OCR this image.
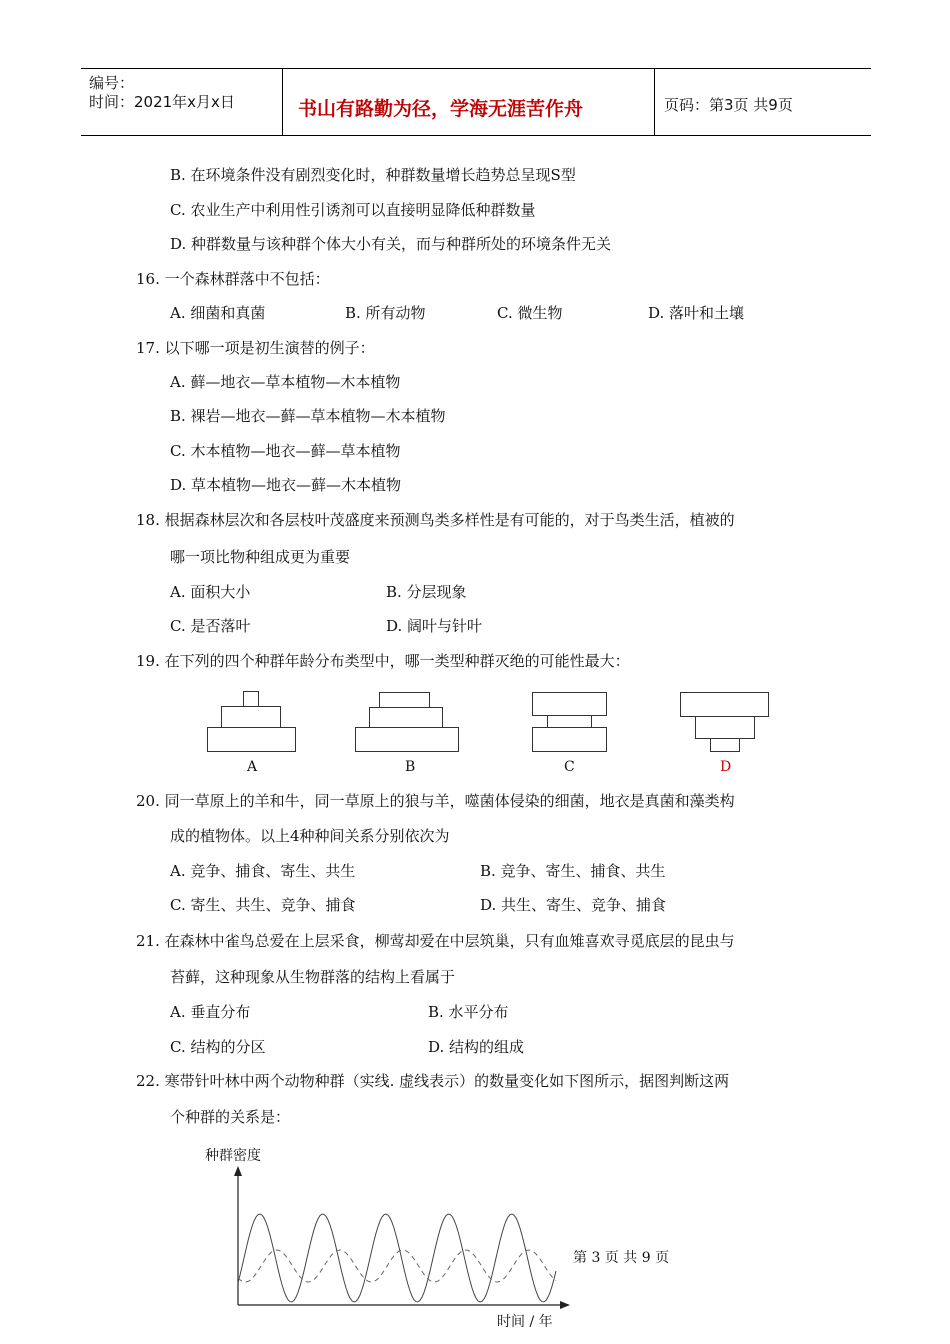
编号：
时间：2021年x月x日	书山有路勤为径，学海无涯苦作舟	页码：第3页 共9页
B. 在环境条件没有剧烈变化时，种群数量增长趋势总呈现S型
C. 农业生产中利用性引诱剂可以直接明显降低种群数量
D. 种群数量与该种群个体大小有关，而与种群所处的环境条件无关
16. 一个森林群落中不包括：
A. 细菌和真菌	B. 所有动物	C. 微生物	D. 落叶和土壤
17. 以下哪一项是初生演替的例子：
A. 藓—地衣—草本植物—木本植物
B. 裸岩—地衣—藓—草本植物—木本植物
C. 木本植物—地衣—藓—草本植物
D. 草本植物—地衣—藓—木本植物
18. 根据森林层次和各层枝叶茂盛度来预测鸟类多样性是有可能的，对于鸟类生活，植被的
哪一项比物种组成更为重要
A. 面积大小	B. 分层现象
C. 是否落叶	D. 阔叶与针叶
19. 在下列的四个种群年龄分布类型中，哪一类型种群灭绝的可能性最大：
A	B	C	D
20. 同一草原上的羊和牛，同一草原上的狼与羊，噬菌体侵染的细菌，地衣是真菌和藻类构
成的植物体。以上4种种间关系分别依次为
A. 竞争、捕食、寄生、共生	B. 竞争、寄生、捕食、共生
C. 寄生、共生、竞争、捕食	D. 共生、寄生、竞争、捕食
21. 在森林中雀鸟总爱在上层采食，柳莺却爱在中层筑巢，只有血雉喜欢寻觅底层的昆虫与
苔藓，这种现象从生物群落的结构上看属于
A. 垂直分布	B. 水平分布
C. 结构的分区	D. 结构的组成
22. 寒带针叶林中两个动物种群（实线. 虚线表示）的数量变化如下图所示，据图判断这两
个种群的关系是：
种群密度
时间 / 年
第 3 页 共 9 页
